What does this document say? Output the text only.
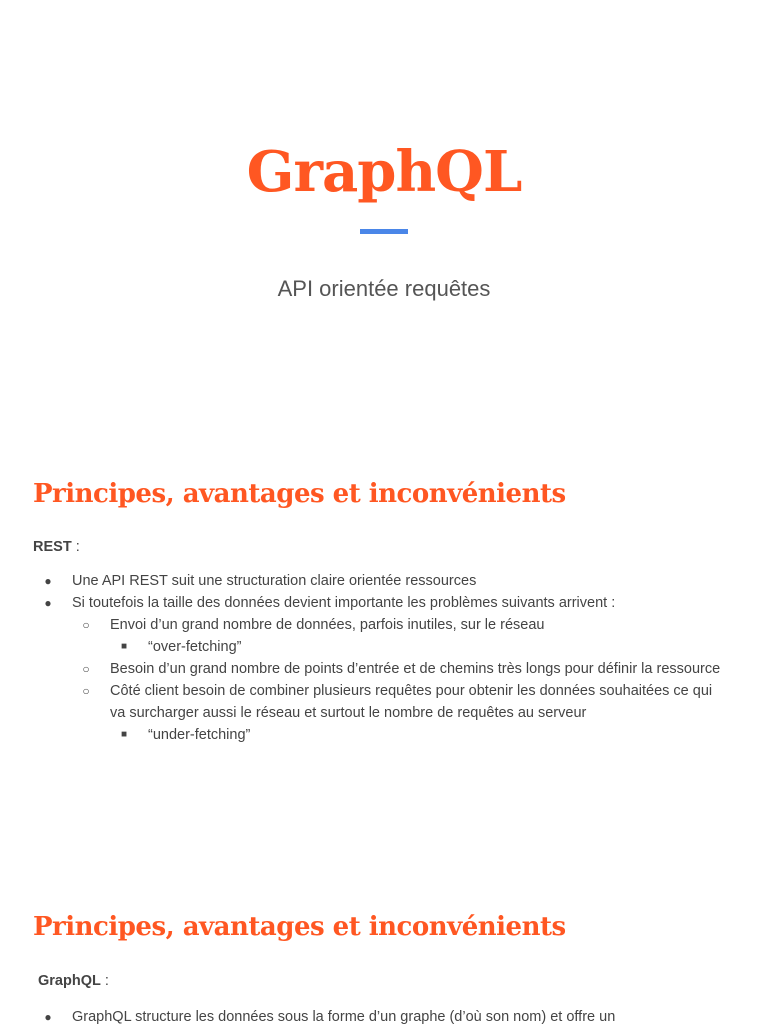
GraphQL
API orientée requêtes
Principes, avantages et inconvénients
REST :
●	Une API REST suit une structuration claire orientée ressources
●	Si toutefois la taille des données devient importante les problèmes suivants arrivent :
○	Envoi d’un grand nombre de données, parfois inutiles, sur le réseau
■	“over-fetching”
○	Besoin d’un grand nombre de points d’entrée et de chemins très longs pour définir la ressource
○	Côté client besoin de combiner plusieurs requêtes pour obtenir les données souhaitées ce qui va surcharger aussi le réseau et surtout le nombre de requêtes au serveur
■	“under-fetching”
Principes, avantages et inconvénients
GraphQL :
●	GraphQL structure les données sous la forme d’un graphe (d’où son nom) et offre un
